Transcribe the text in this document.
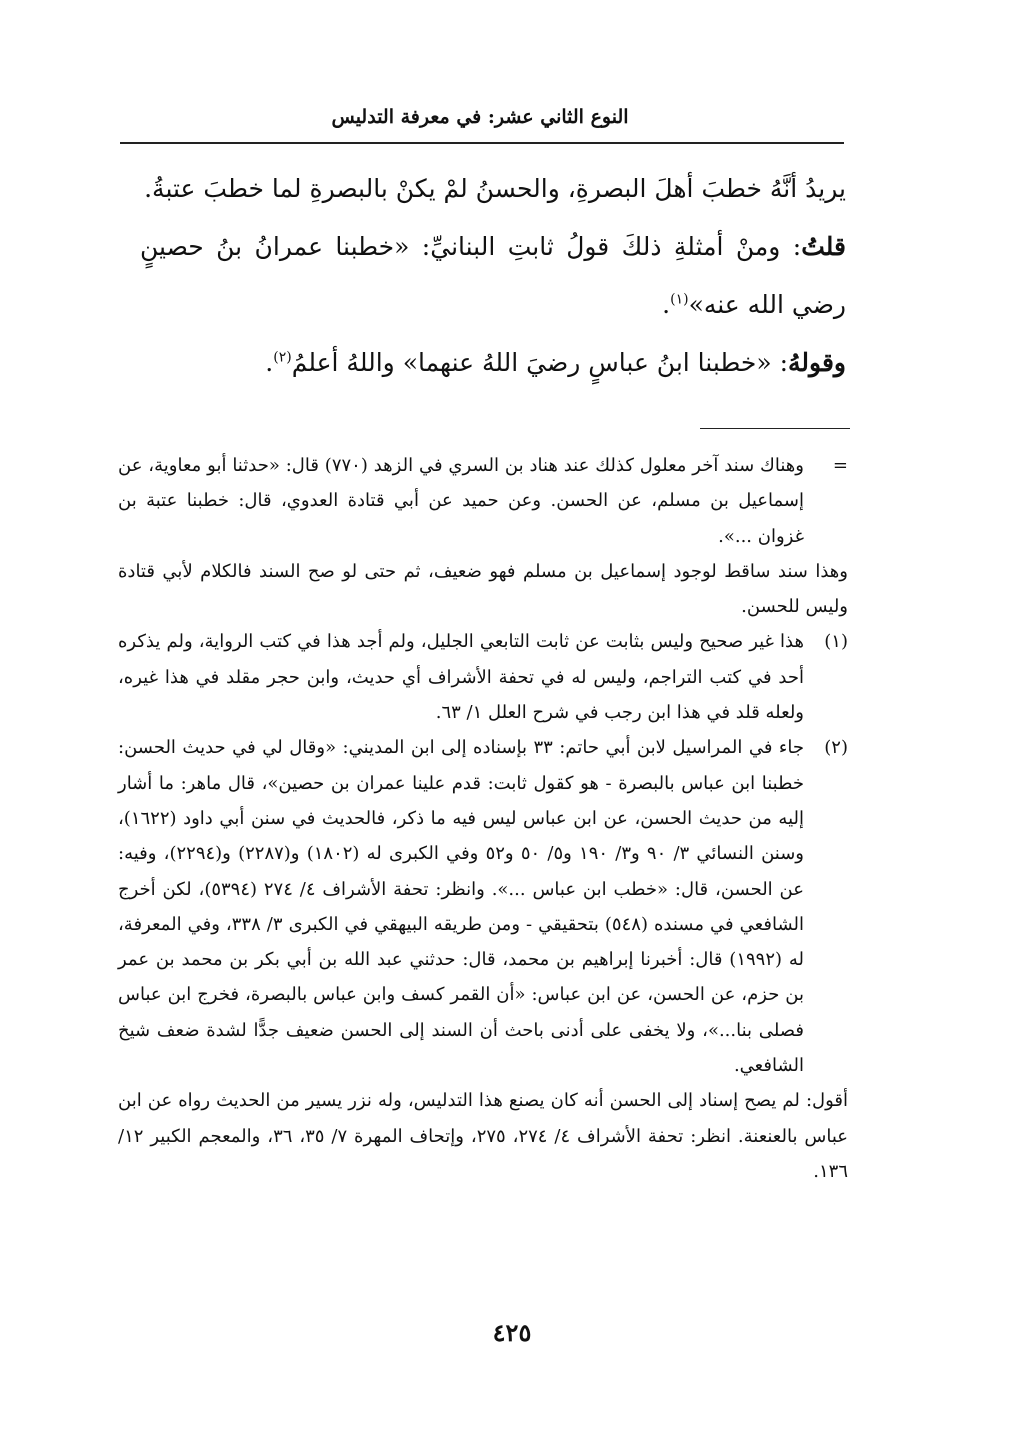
النوع الثاني عشر: في معرفة التدليس

يريدُ أنَّهُ خطبَ أهلَ البصرةِ، والحسنُ لمْ يكنْ بالبصرةِ لما خطبَ عتبةُ.

قلتُ: ومنْ أمثلةِ ذلكَ قولُ ثابتِ البنانيِّ: «خطبنا عمرانُ بنُ حصينٍ رضي الله عنه»$^{(١)}$.

وقولهُ: «خطبنا ابنُ عباسٍ رضيَ اللهُ عنهما» واللهُ أعلمُ$^{(٢)}$.

=
وهناك سند آخر معلول كذلك عند هناد بن السري في الزهد (٧٧٠) قال: «حدثنا أبو معاوية، عن إسماعيل بن مسلم، عن الحسن. وعن حميد عن أبي قتادة العدوي، قال: خطبنا عتبة بن غزوان ...».

وهذا سند ساقط لوجود إسماعيل بن مسلم فهو ضعيف، ثم حتى لو صح السند فالكلام لأبي قتادة وليس للحسن.

(١)
هذا غير صحيح وليس بثابت عن ثابت التابعي الجليل، ولم أجد هذا في كتب الرواية، ولم يذكره أحد في كتب التراجم، وليس له في تحفة الأشراف أي حديث، وابن حجر مقلد في هذا غيره، ولعله قلد في هذا ابن رجب في شرح العلل ١/ ٦٣.
(٢)
جاء في المراسيل لابن أبي حاتم: ٣٣ بإسناده إلى ابن المديني: «وقال لي في حديث الحسن: خطبنا ابن عباس بالبصرة - هو كقول ثابت: قدم علينا عمران بن حصين»، قال ماهر: ما أشار إليه من حديث الحسن، عن ابن عباس ليس فيه ما ذكر، فالحديث في سنن أبي داود (١٦٢٢)، وسنن النسائي ٣/ ٩٠ و٣/ ١٩٠ و٥/ ٥٠ و٥٢ وفي الكبرى له (١٨٠٢) و(٢٢٨٧) و(٢٢٩٤)، وفيه: عن الحسن، قال: «خطب ابن عباس ...». وانظر: تحفة الأشراف ٤/ ٢٧٤ (٥٣٩٤)، لكن أخرج الشافعي في مسنده (٥٤٨) بتحقيقي - ومن طريقه البيهقي في الكبرى ٣/ ٣٣٨، وفي المعرفة، له (١٩٩٢) قال: أخبرنا إبراهيم بن محمد، قال: حدثني عبد الله بن أبي بكر بن محمد بن عمر بن حزم، عن الحسن، عن ابن عباس: «أن القمر كسف وابن عباس بالبصرة، فخرج ابن عباس فصلى بنا...»، ولا يخفى على أدنى باحث أن السند إلى الحسن ضعيف جدًّا لشدة ضعف شيخ الشافعي.

أقول: لم يصح إسناد إلى الحسن أنه كان يصنع هذا التدليس، وله نزر يسير من الحديث رواه عن ابن عباس بالعنعنة. انظر: تحفة الأشراف ٤/ ٢٧٤، ٢٧٥، وإتحاف المهرة ٧/ ٣٥، ٣٦، والمعجم الكبير ١٢/ ١٣٦.

٤٢٥
